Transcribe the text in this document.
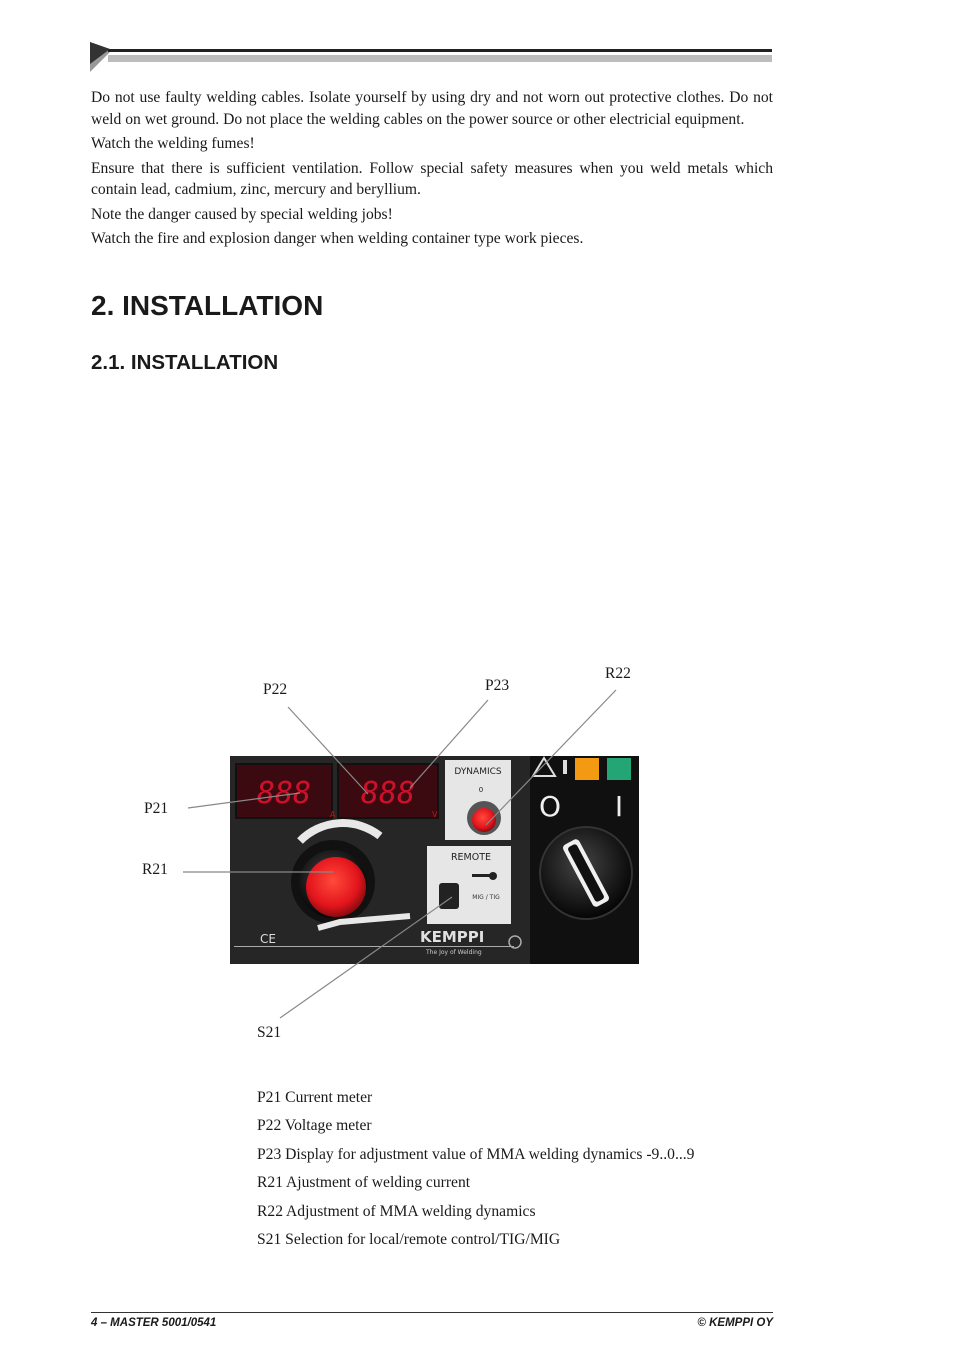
Do not use faulty welding cables. Isolate yourself by using dry and not worn out protective clothes. Do not weld on wet ground. Do not place the welding cables on the power source or other electricial equipment.

Watch the welding fumes!

Ensure that there is sufficient ventilation. Follow special safety measures when you weld metals which contain lead, cadmium, zinc, mercury and beryllium.

Note the danger caused by special welding jobs!

Watch the fire and explosion danger when welding container type work pieces.

2. INSTALLATION
2.1. INSTALLATION
888 888
A	V
DYNAMICS
0
REMOTE
MIG / TIG
CE	KEMPPI
The Joy of Welding
O I
P21
R21
P22	P23
R22
S21
P21 Current meter
P22 Voltage meter
P23 Display for adjustment value of MMA welding dynamics -9..0...9
R21 Ajustment of welding current
R22 Adjustment of MMA welding dynamics
S21 Selection for local/remote control/TIG/MIG
4 – MASTER 5001/0541	© KEMPPI OY
